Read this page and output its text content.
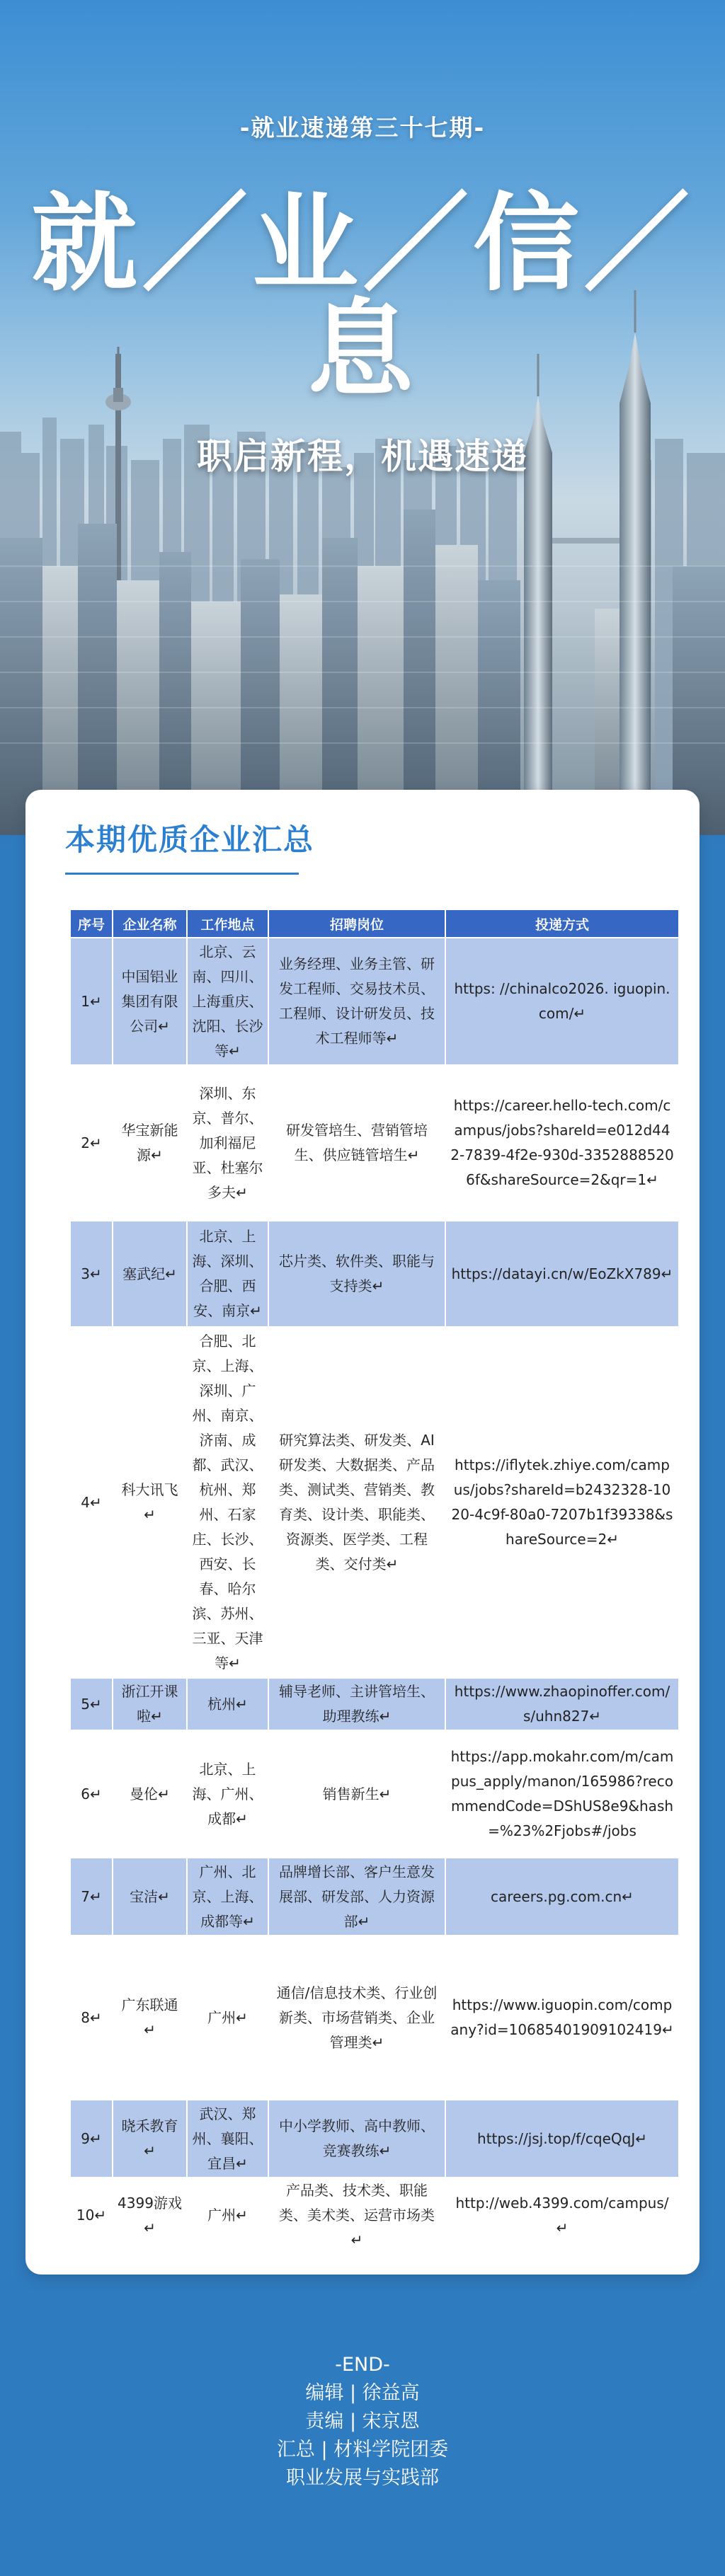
-就业速递第三十七期-
就／业／信／息
职启新程，机遇速递
本期优质企业汇总
序号	企业名称	工作地点	招聘岗位	投递方式
1↵	中国铝业集团有限公司↵	北京、云南、四川、上海重庆、沈阳、长沙等↵	业务经理、业务主管、研发工程师、交易技术员、工程师、设计研发员、技术工程师等↵	https: //chinalco2026. iguopin. com/↵
2↵	华宝新能源↵	深圳、东京、普尔、加利福尼亚、杜塞尔多夫↵	研发管培生、营销管培生、供应链管培生↵	https://career.hello-tech.com/campus/jobs?shareId=e012d442-7839-4f2e-930d-33528885206f&shareSource=2&qr=1↵
3↵	塞武纪↵	北京、上海、深圳、合肥、西安、南京↵	芯片类、软件类、职能与支持类↵	https://datayi.cn/w/EoZkX789↵
4↵	科大讯飞↵	合肥、北京、上海、深圳、广州、南京、济南、成都、武汉、杭州、郑州、石家庄、长沙、西安、长春、哈尔滨、苏州、三亚、天津等↵	研究算法类、研发类、AI研发类、大数据类、产品类、测试类、营销类、教育类、设计类、职能类、资源类、医学类、工程类、交付类↵	https://iflytek.zhiye.com/campus/jobs?shareId=b2432328-1020-4c9f-80a0-7207b1f39338&shareSource=2↵
5↵	浙江开课啦↵	杭州↵	辅导老师、主讲管培生、助理教练↵	https://www.zhaopinoffer.com/s/uhn827↵
6↵	曼伦↵	北京、上海、广州、成都↵	销售新生↵	https://app.mokahr.com/m/campus_apply/manon/165986?recommendCode=DShUS8e9&hash=%23%2Fjobs#/jobs
7↵	宝洁↵	广州、北京、上海、成都等↵	品牌增长部、客户生意发展部、研发部、人力资源部↵	careers.pg.com.cn↵
8↵	广东联通↵	广州↵	通信/信息技术类、行业创新类、市场营销类、企业管理类↵	https://www.iguopin.com/company?id=10685401909102419↵
9↵	晓禾教育↵	武汉、郑州、襄阳、宜昌↵	中小学教师、高中教师、竞赛教练↵	https://jsj.top/f/cqeQqJ↵
10↵	4399游戏↵	广州↵	产品类、技术类、职能类、美术类、运营市场类↵	http://web.4399.com/campus/↵
-END-
编辑 | 徐益高
责编 | 宋京恩
汇总 | 材料学院团委
职业发展与实践部
